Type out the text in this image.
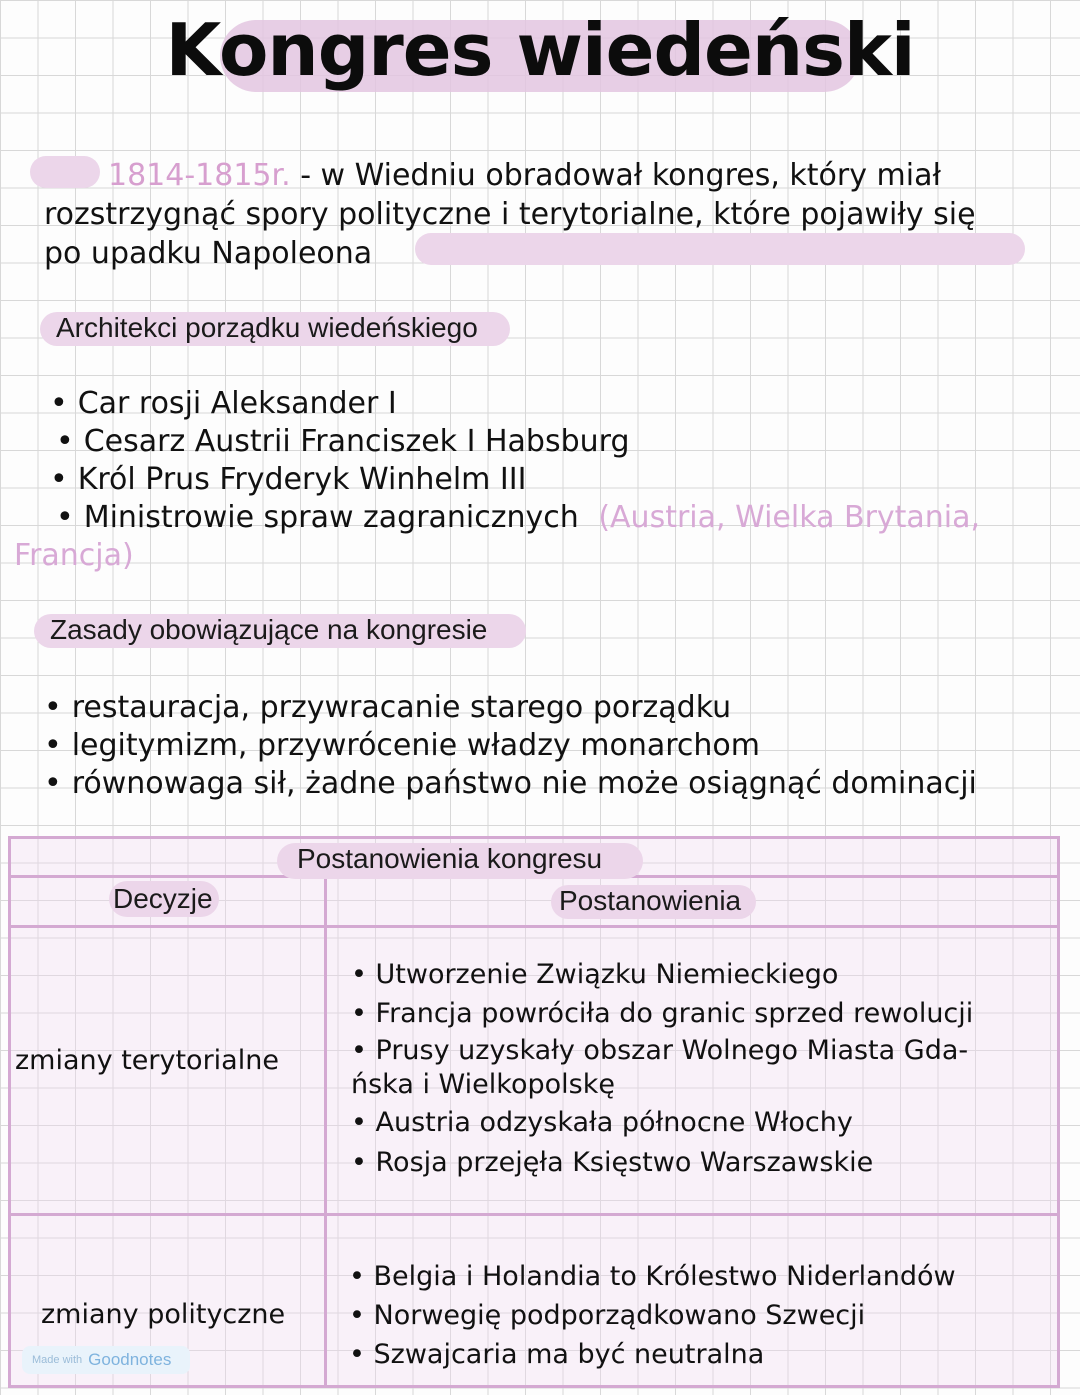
Kongres wiedeński
1814-1815r. - w Wiedniu obradował kongres, który miał
rozstrzygnąć spory polityczne i terytorialne, które pojawiły się
po upadku Napoleona
Architekci porządku wiedeńskiego
• Car rosji Aleksander I
• Cesarz Austrii Franciszek I Habsburg
• Król Prus Fryderyk Winhelm III
• Ministrowie spraw zagranicznych (Austria, Wielka Brytania,
Francja)
Zasady obowiązujące na kongresie
• restauracja, przywracanie starego porządku
• legitymizm, przywrócenie władzy monarchom
• równowaga sił, żadne państwo nie może osiągnąć dominacji
Postanowienia kongresu
Decyzje	Postanowienia
zmiany terytorialne
• Utworzenie Związku Niemieckiego
• Francja powróciła do granic sprzed rewolucji
• Prusy uzyskały obszar Wolnego Miasta Gda-
ńska i Wielkopolskę
• Austria odzyskała północne Włochy
• Rosja przejęła Księstwo Warszawskie
zmiany polityczne
• Belgia i Holandia to Królestwo Niderlandów
• Norwegię podporządkowano Szwecji
• Szwajcaria ma być neutralna
Made with Goodnotes
